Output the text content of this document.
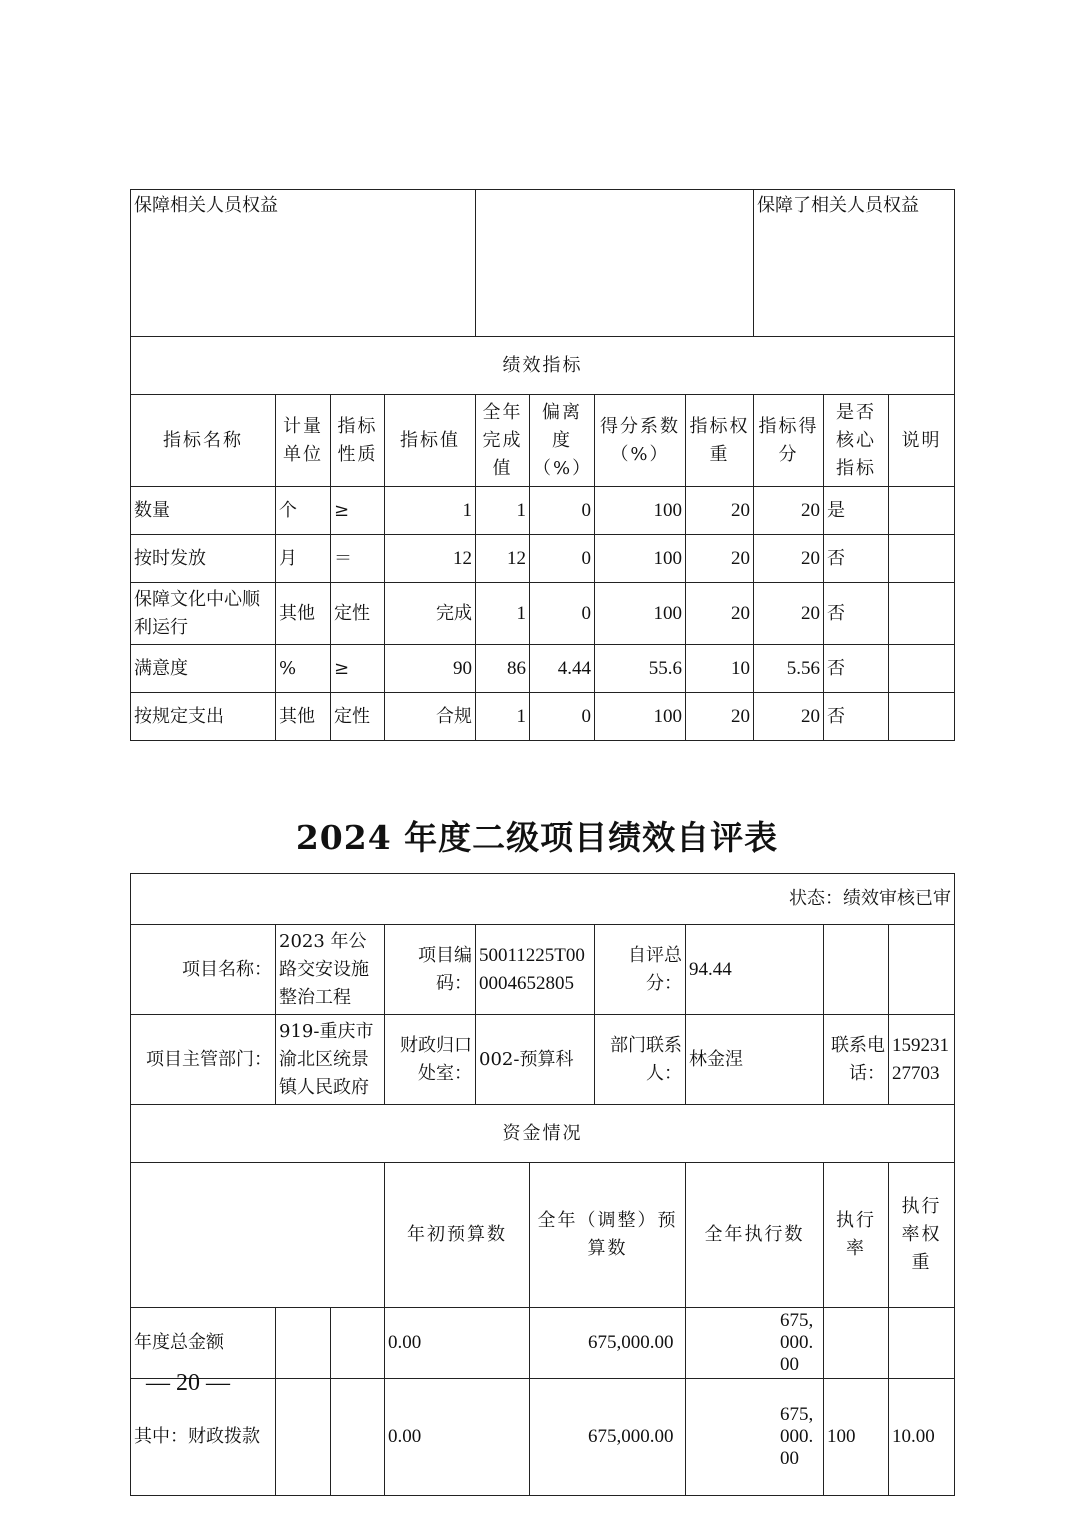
保障相关人员权益								保障了相关人员权益		
绩效指标										
指标名称	计量单位	指标性质	指标值	全年完成值	偏离度（%）	得分系数（%）	指标权重	指标得分	是否核心指标	说明
数量	个	≥	1	1	0	100	20	20	是	
按时发放	月	＝	12	12	0	100	20	20	否	
保障文化中心顺利运行	其他	定性	完成	1	0	100	20	20	否	
满意度	%	≥	90	86	4.44	55.6	10	5.56	否	
按规定支出	其他	定性	合规	1	0	100	20	20	否	
2024 年度二级项目绩效自评表
状态：绩效审核已审										
项目名称：	2023 年公路交安设施整治工程		项目编码：	50011225T000004652805		自评总分：	94.44			
项目主管部门：	919-重庆市渝北区统景镇人民政府		财政归口处室：	002-预算科		部门联系人：	林金涅	联系电话：	15923127703	
资金情况										
			年初预算数		全年（调整）预算数		全年执行数	执行率	执行率权重	
年度总金额			0.00		675,000.00		675,000.00			
其中：财政拨款			0.00		675,000.00		675,000.00	100	10.00	
— 20 —
